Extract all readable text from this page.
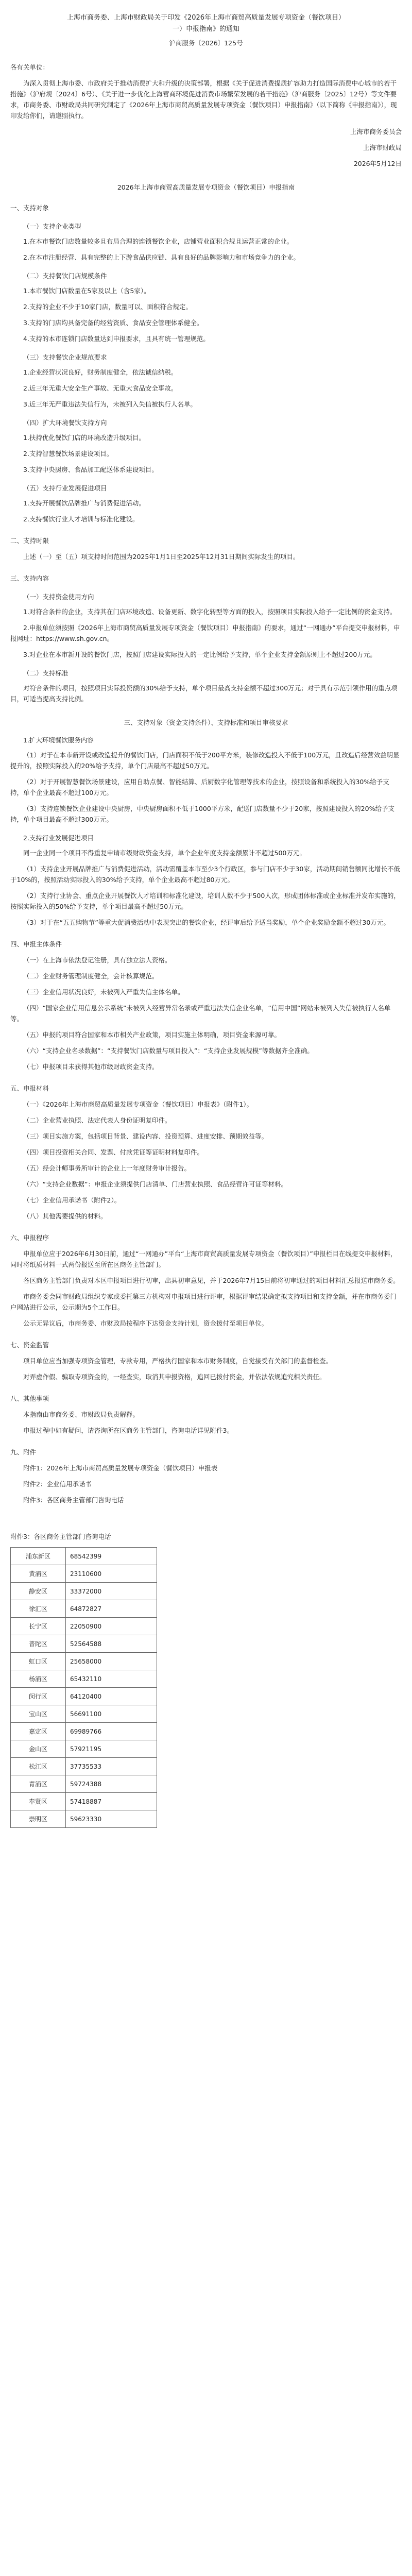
上海市商务委、上海市财政局关于印发《2026年上海市商贸高质量发展专项资金（餐饮项目）
一）申报指南》的通知
沪商服务〔2026〕125号

各有关单位：

为深入贯彻上海市委、市政府关于推动消费扩大和升级的决策部署，根据《关于促进消费提质扩容助力打造国际消费中心城市的若干措施》（沪府规〔2024〕6号）、《关于进一步优化上海营商环境促进消费市场繁荣发展的若干措施》（沪商服务〔2025〕12号）等文件要求，市商务委、市财政局共同研究制定了《2026年上海市商贸高质量发展专项资金（餐饮项目）申报指南》（以下简称《申报指南》），现印发给你们，请遵照执行。

上海市商务委员会

上海市财政局

2026年5月12日

2026年上海市商贸高质量发展专项资金（餐饮项目）申报指南
一、支持对象
（一）支持企业类型
1.在本市餐饮门店数量较多且布局合理的连锁餐饮企业，店铺营业面积合规且运营正常的企业。
2.在本市注册经营、具有完整的上下游食品供应链、具有良好的品牌影响力和市场竞争力的企业。
（二）支持餐饮门店规模条件
1.本市餐饮门店数量在5家及以上（含5家）。
2.支持的企业不少于10家门店，数量可以、面积符合规定。
3.支持的门店均具备完备的经营资质、食品安全管理体系健全。
4.支持的本市连锁门店数量达到申报要求，且具有统一管理规范。
（三）支持餐饮企业规范要求
1.企业经营状况良好，财务制度健全，依法诚信纳税。
2.近三年无重大安全生产事故、无重大食品安全事故。
3.近三年无严重违法失信行为，未被列入失信被执行人名单。
（四）扩大环境餐饮支持方向
1.扶持优化餐饮门店的环境改造升级项目。
2.支持智慧餐饮场景建设项目。
3.支持中央厨房、食品加工配送体系建设项目。
（五）支持行业发展促进项目
1.支持开展餐饮品牌推广与消费促进活动。
2.支持餐饮行业人才培训与标准化建设。
二、支持时限

上述（一）至（五）项支持时间范围为2025年1月1日至2025年12月31日期间实际发生的项目。

三、支持内容
（一）支持资金使用方向

1.对符合条件的企业，支持其在门店环境改造、设备更新、数字化转型等方面的投入，按照项目实际投入给予一定比例的资金支持。

2.申报单位须按照《2026年上海市商贸高质量发展专项资金（餐饮项目）申报指南》的要求，通过“一网通办”平台提交申报材料，申报网址：https://www.sh.gov.cn。

3.对企业在本市新开设的餐饮门店，按照门店建设实际投入的一定比例给予支持，单个企业支持金额原则上不超过200万元。

（二）支持标准

对符合条件的项目，按照项目实际投资额的30%给予支持，单个项目最高支持金额不超过300万元；对于具有示范引领作用的重点项目，可适当提高支持比例。

三、支持对象（资金支持条件）、支持标准和项目审核要求
1.扩大环境餐饮服务内容

（1）对于在本市新开设或改造提升的餐饮门店，门店面积不低于200平方米，装修改造投入不低于100万元，且改造后经营效益明显提升的，按照实际投入的20%给予支持，单个门店最高不超过50万元。

（2）对于开展智慧餐饮场景建设，应用自助点餐、智能结算、后厨数字化管理等技术的企业，按照设备和系统投入的30%给予支持，单个企业最高不超过100万元。

（3）支持连锁餐饮企业建设中央厨房，中央厨房面积不低于1000平方米，配送门店数量不少于20家，按照建设投入的20%给予支持，单个项目最高不超过300万元。

2.支持行业发展促进项目

同一企业同一个项目不得重复申请市级财政资金支持，单个企业年度支持金额累计不超过500万元。

（1）支持企业开展品牌推广与消费促进活动，活动需覆盖本市至少3个行政区，参与门店不少于30家，活动期间销售额同比增长不低于10%的，按照活动实际投入的30%给予支持，单个企业最高不超过80万元。

（2）支持行业协会、重点企业开展餐饮人才培训和标准化建设，培训人数不少于500人次，形成团体标准或企业标准并发布实施的，按照实际投入的50%给予支持，单个项目最高不超过50万元。

（3）对于在“五五购物节”等重大促消费活动中表现突出的餐饮企业，经评审后给予适当奖励，单个企业奖励金额不超过30万元。

四、申报主体条件
（一）在上海市依法登记注册，具有独立法人资格。
（二）企业财务管理制度健全，会计核算规范。
（三）企业信用状况良好，未被列入严重失信主体名单。
（四）“国家企业信用信息公示系统”未被列入经营异常名录或严重违法失信企业名单，“信用中国”网站未被列入失信被执行人名单等。
（五）申报的项目符合国家和本市相关产业政策，项目实施主体明确，项目资金来源可靠。
（六）“支持企业名录数据”：“支持餐饮门店数量与项目投入”：“支持企业发展规模”等数据齐全准确。
（七）申报项目未获得其他市级财政资金支持。
五、申报材料
（一）《2026年上海市商贸高质量发展专项资金（餐饮项目）申报表》（附件1）。
（二）企业营业执照、法定代表人身份证明复印件。
（三）项目实施方案，包括项目背景、建设内容、投资预算、进度安排、预期效益等。
（四）项目投资相关合同、发票、付款凭证等证明材料复印件。
（五）经会计师事务所审计的企业上一年度财务审计报告。
（六）“支持企业数据”：申报企业须提供门店清单、门店营业执照、食品经营许可证等材料。
（七）企业信用承诺书（附件2）。
（八）其他需要提供的材料。
六、申报程序

申报单位应于2026年6月30日前，通过“一网通办”平台“上海市商贸高质量发展专项资金（餐饮项目）”申报栏目在线提交申报材料，同时将纸质材料一式两份报送至所在区商务主管部门。

各区商务主管部门负责对本区申报项目进行初审，出具初审意见，并于2026年7月15日前将初审通过的项目材料汇总报送市商务委。

市商务委会同市财政局组织专家或委托第三方机构对申报项目进行评审，根据评审结果确定拟支持项目和支持金额，并在市商务委门户网站进行公示，公示期为5个工作日。

公示无异议后，市商务委、市财政局按程序下达资金支持计划，资金拨付至项目单位。

七、资金监管

项目单位应当加强专项资金管理，专款专用，严格执行国家和本市财务制度，自觉接受有关部门的监督检查。

对弄虚作假、骗取专项资金的，一经查实，取消其申报资格，追回已拨付资金，并依法依规追究相关责任。

八、其他事项

本指南由市商务委、市财政局负责解释。

申报过程中如有疑问，请咨询所在区商务主管部门，咨询电话详见附件3。

九、附件
附件1：2026年上海市商贸高质量发展专项资金（餐饮项目）申报表
附件2：企业信用承诺书
附件3：各区商务主管部门咨询电话

附件3：各区商务主管部门咨询电话

浦东新区	68542399
黄浦区	23110600
静安区	33372000
徐汇区	64872827
长宁区	22050900
普陀区	52564588
虹口区	25658000
杨浦区	65432110
闵行区	64120400
宝山区	56691100
嘉定区	69989766
金山区	57921195
松江区	37735533
青浦区	59724388
奉贤区	57418887
崇明区	59623330
